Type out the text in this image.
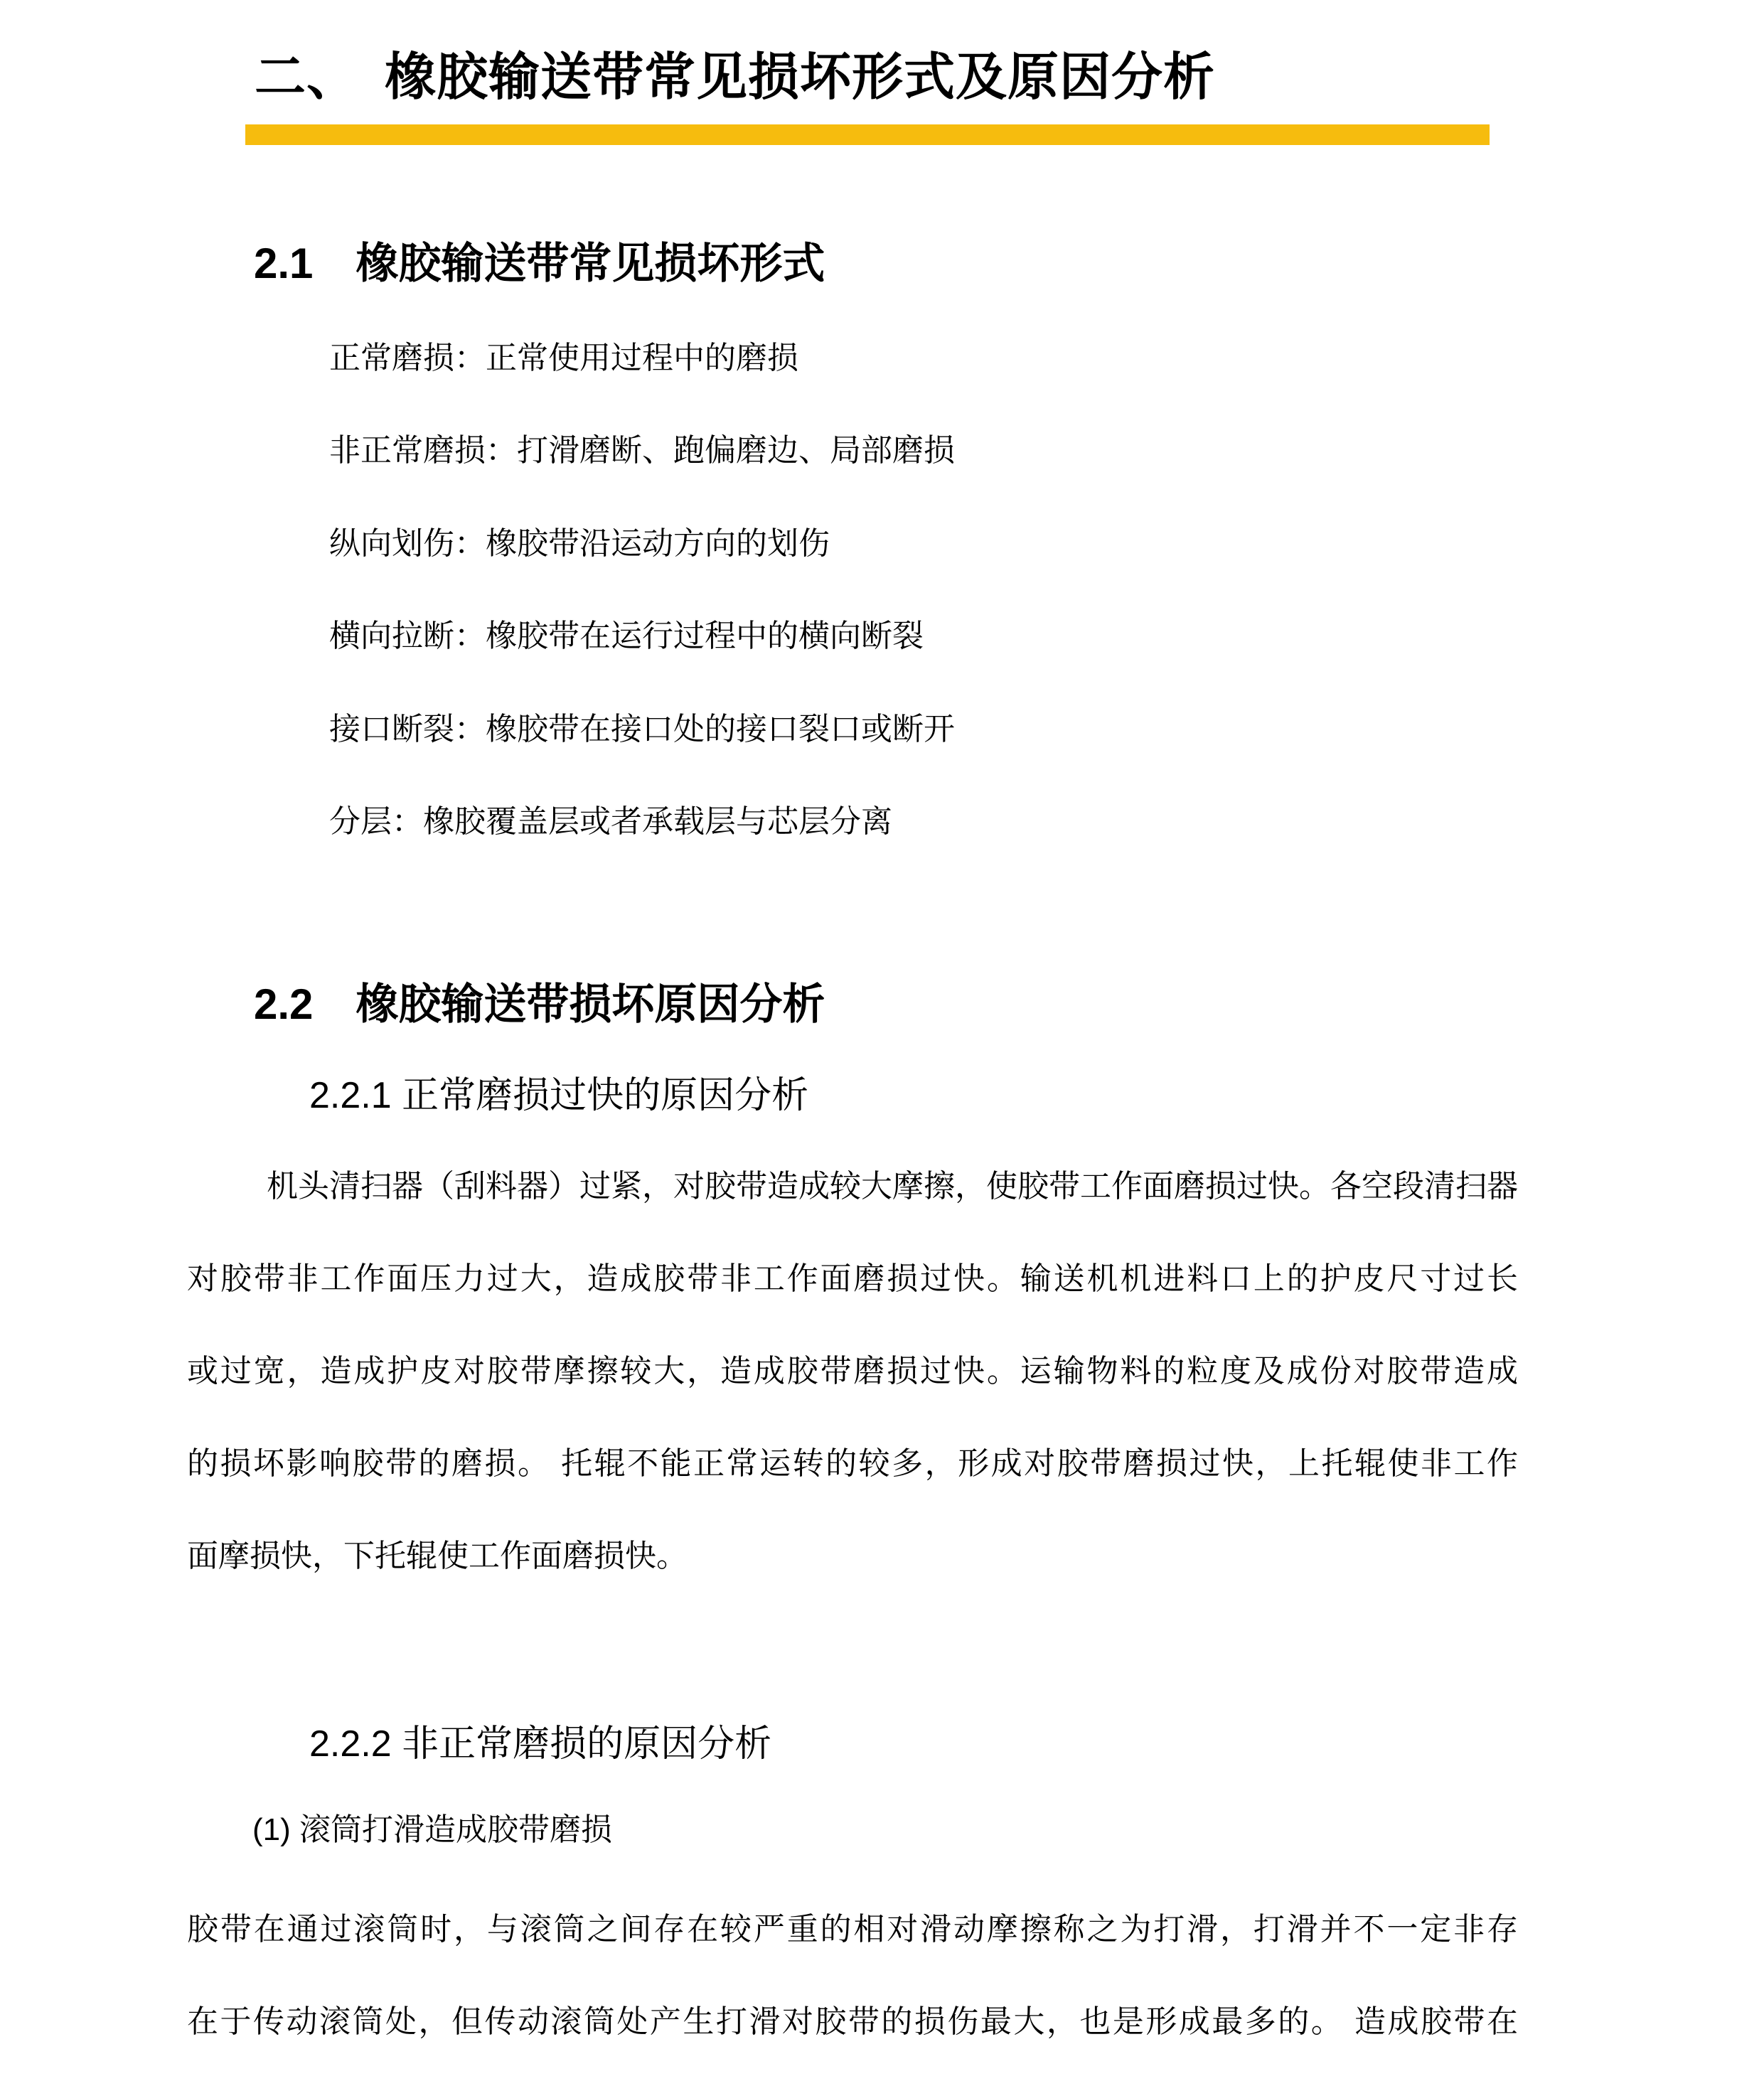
二、　橡胶输送带常见损坏形式及原因分析
2.1　橡胶输送带常见损坏形式
正常磨损：正常使用过程中的磨损
非正常磨损：打滑磨断、跑偏磨边、局部磨损
纵向划伤：橡胶带沿运动方向的划伤
横向拉断：橡胶带在运行过程中的横向断裂
接口断裂：橡胶带在接口处的接口裂口或断开
分层：橡胶覆盖层或者承载层与芯层分离
2.2　橡胶输送带损坏原因分析
2.2.1 正常磨损过快的原因分析
机头清扫器（刮料器）过紧，对胶带造成较大摩擦，使胶带工作面磨损过快。各空段清扫器
对胶带非工作面压力过大，造成胶带非工作面磨损过快。输送机机进料口上的护皮尺寸过长
或过宽，造成护皮对胶带摩擦较大，造成胶带磨损过快。运输物料的粒度及成份对胶带造成
的损坏影响胶带的磨损。 托辊不能正常运转的较多，形成对胶带磨损过快，上托辊使非工作
面摩损快，下托辊使工作面磨损快。
2.2.2 非正常磨损的原因分析
(1) 滚筒打滑造成胶带磨损
胶带在通过滚筒时，与滚筒之间存在较严重的相对滑动摩擦称之为打滑，打滑并不一定非存
在于传动滚筒处，但传动滚筒处产生打滑对胶带的损伤最大，也是形成最多的。 造成胶带在
